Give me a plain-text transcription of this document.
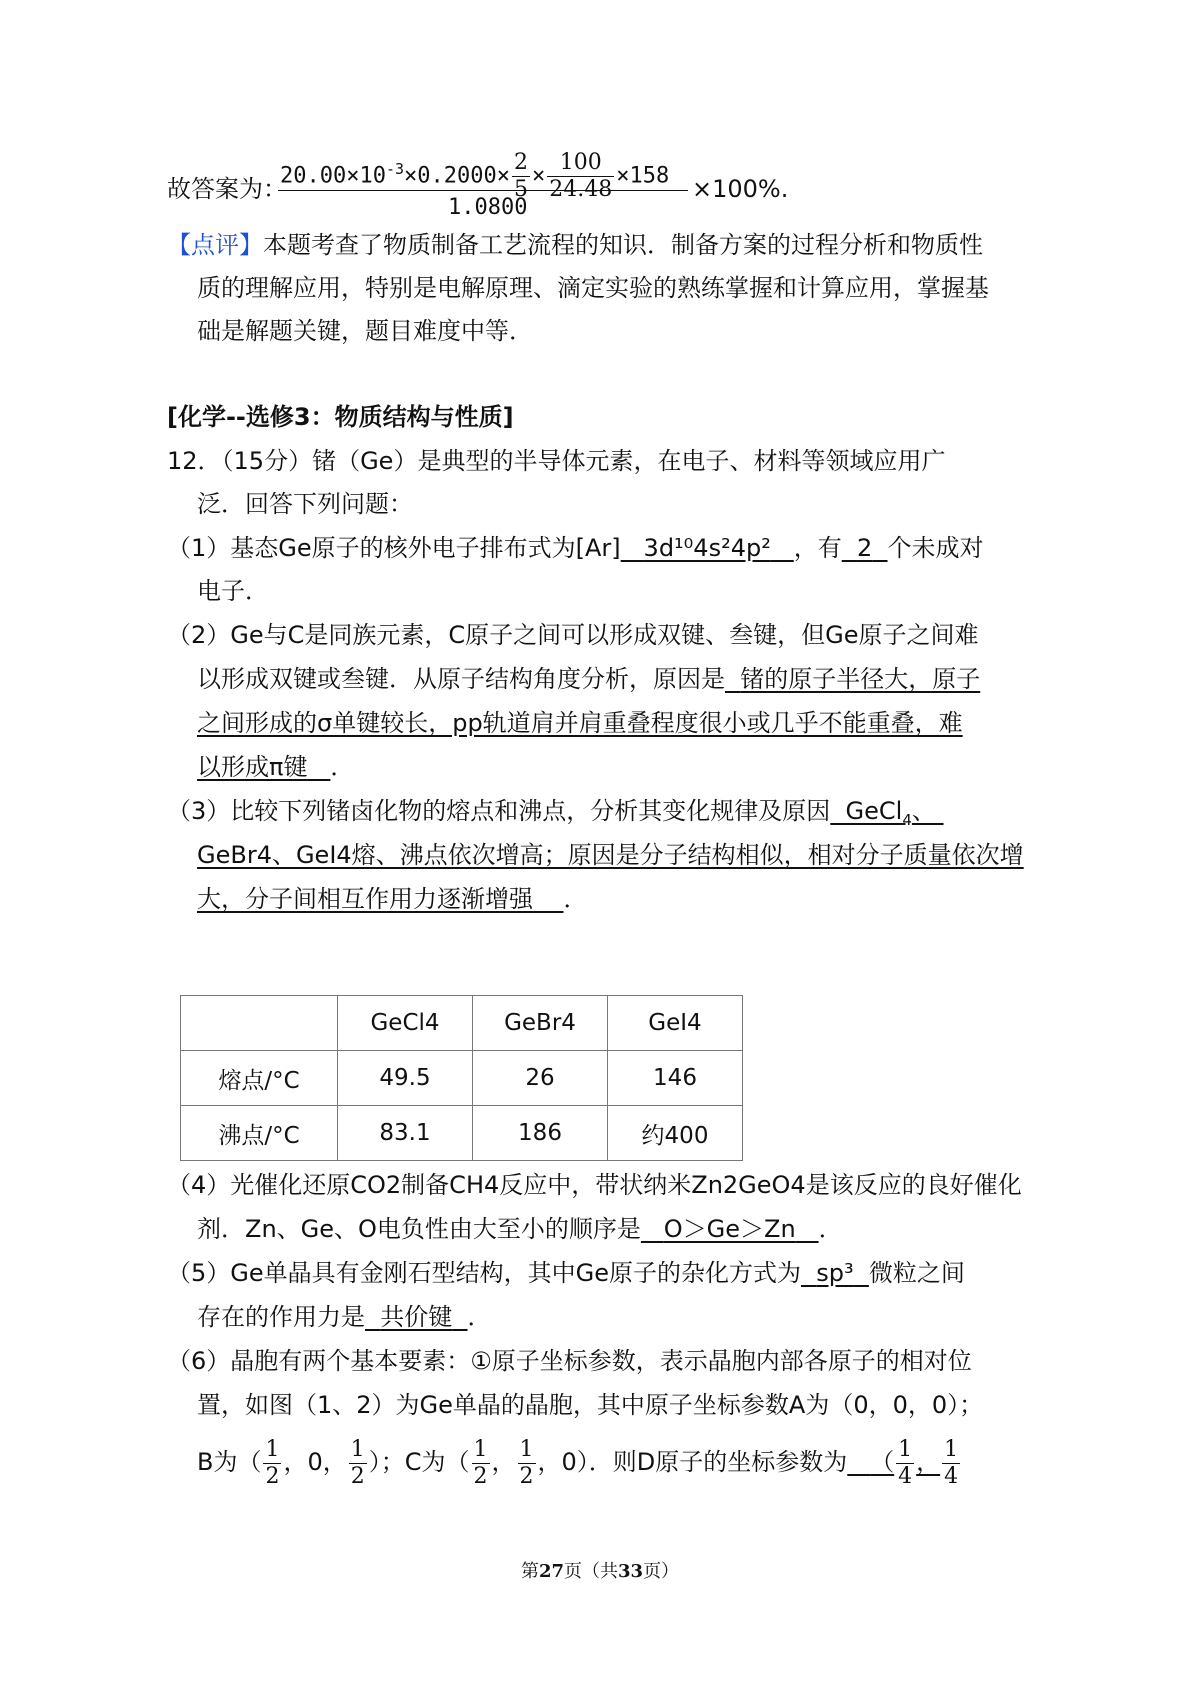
故答案为：
$20.00\times 10^{-3}\times 0.2000\times \frac{2}{5} \times \frac{100}{24.48} \times 158$
1.0800
×100%.
【点评】本题考查了物质制备工艺流程的知识．制备方案的过程分析和物质性
质的理解应用，特别是电解原理、滴定实验的熟练掌握和计算应用，掌握基
础是解题关键，题目难度中等．
[化学--选修3：物质结构与性质]
12．（15分）锗（Ge）是典型的半导体元素，在电子、材料等领域应用广
泛．回答下列问题：
（1）基态Ge原子的核外电子排布式为[Ar] 3d¹⁰4s²4p² ，有 2 个未成对
电子．
（2）Ge与C是同族元素，C原子之间可以形成双键、叁键，但Ge原子之间难
以形成双键或叁键．从原子结构角度分析，原因是 锗的原子半径大，原子
之间形成的σ单键较长，p﻿p轨道肩并肩重叠程度很小或几乎不能重叠，难
以形成π键 ．
（3）比较下列锗卤化物的熔点和沸点，分析其变化规律及原因 GeCl$_4$、
GeBr4、GeI4熔、沸点依次增高；原因是分子结构相似，相对分子质量依次增
大，分子间相互作用力逐渐增强 ．
	GeCl4	GeBr4	GeI4
熔点/°C	49.5	26	146
沸点/°C	83.1	186	约400
（4）光催化还原CO2制备CH4反应中，带状纳米Zn2GeO4是该反应的良好催化
剂．Zn、Ge、O电负性由大至小的顺序是 O＞Ge＞Zn ．
（5）Ge单晶具有金刚石型结构，其中Ge原子的杂化方式为 sp³ 微粒之间
存在的作用力是 共价键 ．
（6）晶胞有两个基本要素：①原子坐标参数，表示晶胞内部各原子的相对位
置，如图（1、2）为Ge单晶的晶胞，其中原子坐标参数A为（0，0，0）；
B为（ $\frac{1}{2}$ ，0， $\frac{1}{2}$ ）；C为（ $\frac{1}{2}$ ， $\frac{1}{2}$ ，0）．则D原子的坐标参数为 （ $\frac{1}{4}$ ， $\frac{1}{4}$
第27页（共33页）
